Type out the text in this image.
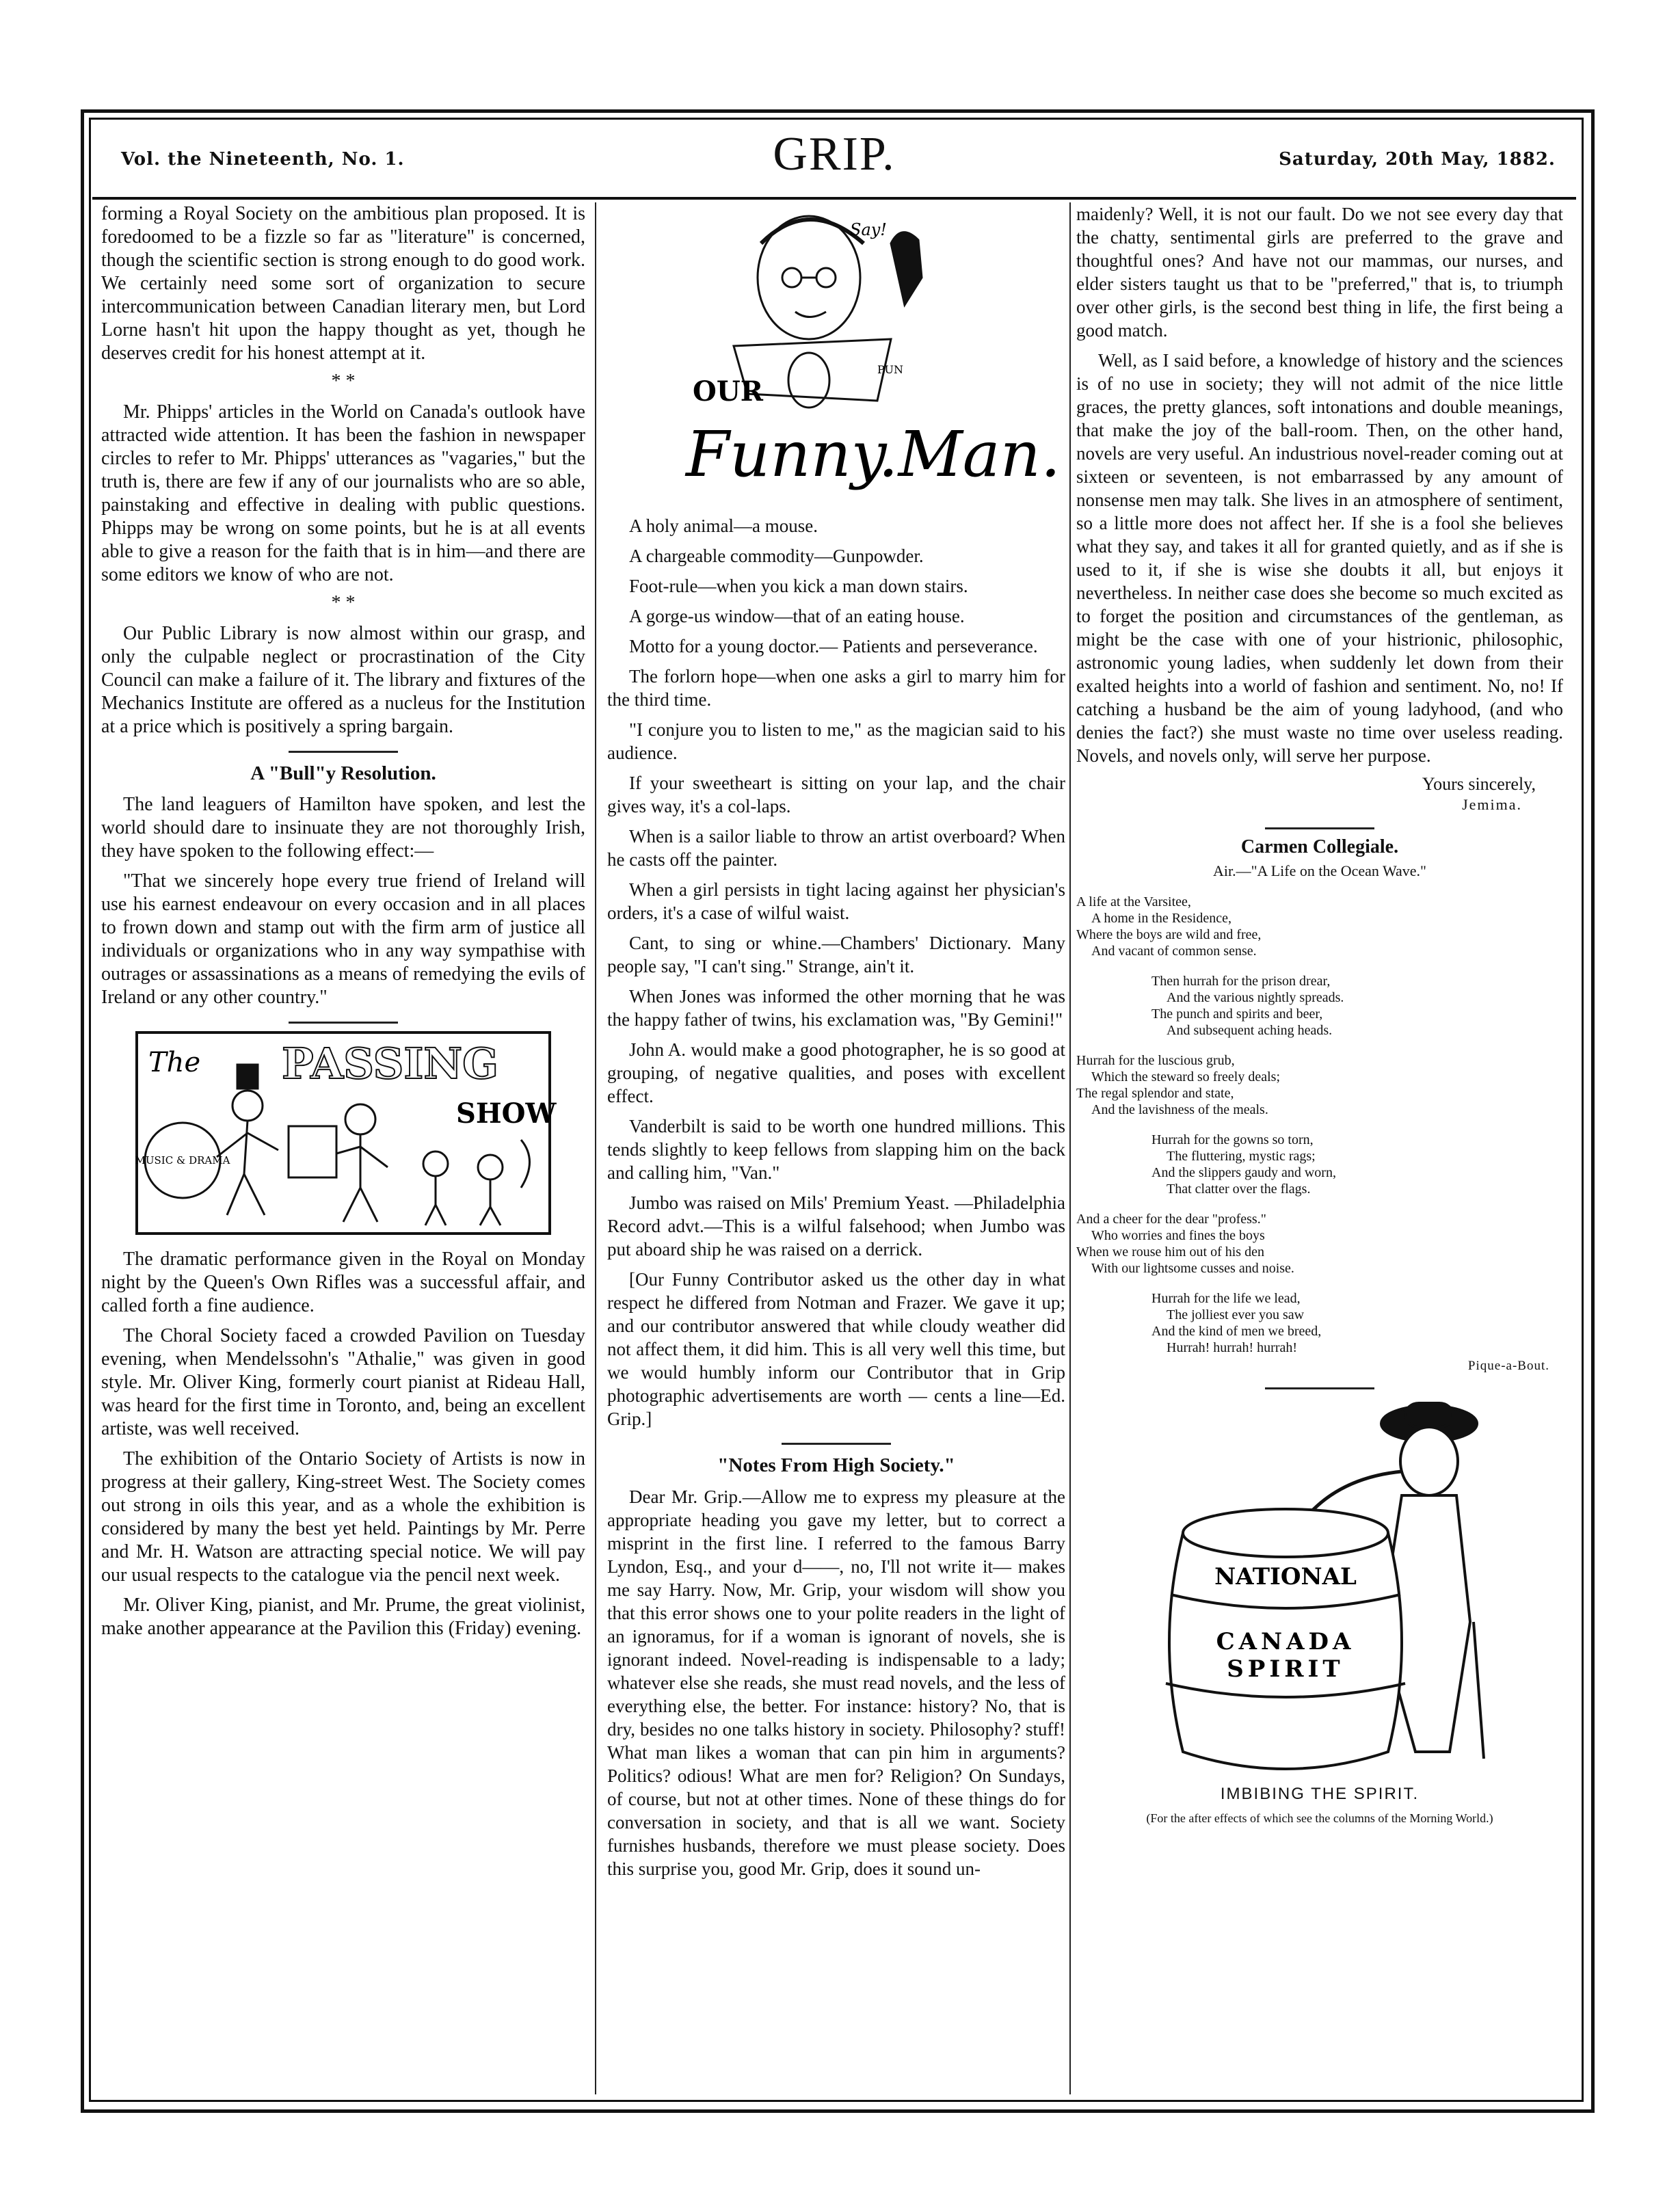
Vol. the Nineteenth, No. 1.	GRIP.	Saturday, 20th May, 1882.

forming a Royal Society on the ambitious plan proposed. It is foredoomed to be a fizzle so far as "literature" is concerned, though the scientific section is strong enough to do good work. We certainly need some sort of organization to secure intercommunication between Canadian literary men, but Lord Lorne hasn't hit upon the happy thought as yet, though he deserves credit for his honest attempt at it.

* *

Mr. Phipps' articles in the World on Canada's outlook have attracted wide attention. It has been the fashion in newspaper circles to refer to Mr. Phipps' utterances as "vagaries," but the truth is, there are few if any of our journalists who are so able, painstaking and effective in dealing with public questions. Phipps may be wrong on some points, but he is at all events able to give a reason for the faith that is in him—and there are some editors we know of who are not.

* *

Our Public Library is now almost within our grasp, and only the culpable neglect or procrastination of the City Council can make a failure of it. The library and fixtures of the Mechanics Institute are offered as a nucleus for the Institution at a price which is positively a spring bargain.

A "Bull"y Resolution.

The land leaguers of Hamilton have spoken, and lest the world should dare to insinuate they are not thoroughly Irish, they have spoken to the following effect:—

"That we sincerely hope every true friend of Ireland will use his earnest endeavour on every occasion and in all places to frown down and stamp out with the firm arm of justice all individuals or organizations who in any way sympathise with outrages or assassinations as a means of remedying the evils of Ireland or any other country."

The PASSING
SHOW
MUSIC & DRAMA

The dramatic performance given in the Royal on Monday night by the Queen's Own Rifles was a successful affair, and called forth a fine audience.

The Choral Society faced a crowded Pavilion on Tuesday evening, when Mendelssohn's "Athalie," was given in good style. Mr. Oliver King, formerly court pianist at Rideau Hall, was heard for the first time in Toronto, and, being an excellent artiste, was well received.

The exhibition of the Ontario Society of Artists is now in progress at their gallery, King-street West. The Society comes out strong in oils this year, and as a whole the exhibition is considered by many the best yet held. Paintings by Mr. Perre and Mr. H. Watson are attracting special notice. We will pay our usual respects to the catalogue via the pencil next week.

Mr. Oliver King, pianist, and Mr. Prume, the great violinist, make another appearance at the Pavilion this (Friday) evening.

Say!
PUN
OUR
Funny.Man.

A holy animal—a mouse.

A chargeable commodity—Gunpowder.

Foot-rule—when you kick a man down stairs.

A gorge-us window—that of an eating house.

Motto for a young doctor.— Patients and perseverance.

The forlorn hope—when one asks a girl to marry him for the third time.

"I conjure you to listen to me," as the magician said to his audience.

If your sweetheart is sitting on your lap, and the chair gives way, it's a col-laps.

When is a sailor liable to throw an artist overboard? When he casts off the painter.

When a girl persists in tight lacing against her physician's orders, it's a case of wilful waist.

Cant, to sing or whine.—Chambers' Dictionary. Many people say, "I can't sing." Strange, ain't it.

When Jones was informed the other morning that he was the happy father of twins, his exclamation was, "By Gemini!"

John A. would make a good photographer, he is so good at grouping, of negative qualities, and poses with excellent effect.

Vanderbilt is said to be worth one hundred millions. This tends slightly to keep fellows from slapping him on the back and calling him, "Van."

Jumbo was raised on Mils' Premium Yeast. —Philadelphia Record advt.—This is a wilful falsehood; when Jumbo was put aboard ship he was raised on a derrick.

[Our Funny Contributor asked us the other day in what respect he differed from Notman and Frazer. We gave it up; and our contributor answered that while cloudy weather did not affect them, it did him. This is all very well this time, but we would humbly inform our Contributor that in Grip photographic advertisements are worth — cents a line—Ed. Grip.]

"Notes From High Society."

Dear Mr. Grip.—Allow me to express my pleasure at the appropriate heading you gave my letter, but to correct a misprint in the first line. I referred to the famous Barry Lyndon, Esq., and your d——, no, I'll not write it— makes me say Harry. Now, Mr. Grip, your wisdom will show you that this error shows one to your polite readers in the light of an ignoramus, for if a woman is ignorant of novels, she is ignorant indeed. Novel-reading is indispensable to a lady; whatever else she reads, she must read novels, and the less of everything else, the better. For instance: history? No, that is dry, besides no one talks history in society. Philosophy? stuff! What man likes a woman that can pin him in arguments? Politics? odious! What are men for? Religion? On Sundays, of course, but not at other times. None of these things do for conversation in society, and that is all we want. Society furnishes husbands, therefore we must please society. Does this surprise you, good Mr. Grip, does it sound un-

maidenly? Well, it is not our fault. Do we not see every day that the chatty, sentimental girls are preferred to the grave and thoughtful ones? And have not our mammas, our nurses, and elder sisters taught us that to be "preferred," that is, to triumph over other girls, is the second best thing in life, the first being a good match.

Well, as I said before, a knowledge of history and the sciences is of no use in society; they will not admit of the nice little graces, the pretty glances, soft intonations and double meanings, that make the joy of the ball-room. Then, on the other hand, novels are very useful. An industrious novel-reader coming out at sixteen or seventeen, is not embarrassed by any amount of nonsense men may talk. She lives in an atmosphere of sentiment, so a little more does not affect her. If she is a fool she believes what they say, and takes it all for granted quietly, and as if she is used to it, if she is wise she doubts it all, but enjoys it nevertheless. In neither case does she become so much excited as to forget the position and circumstances of the gentleman, as might be the case with one of your histrionic, philosophic, astronomic young ladies, when suddenly let down from their exalted heights into a world of fashion and sentiment. No, no! If catching a husband be the aim of young ladyhood, (and who denies the fact?) she must waste no time over useless reading. Novels, and novels only, will serve her purpose.

Yours sincerely,
Jemima.
Carmen Collegiale.
Air.—"A Life on the Ocean Wave."
A life at the Varsitee,
A home in the Residence,
Where the boys are wild and free,
And vacant of common sense.
Then hurrah for the prison drear,
And the various nightly spreads.
The punch and spirits and beer,
And subsequent aching heads.
Hurrah for the luscious grub,
Which the steward so freely deals;
The regal splendor and state,
And the lavishness of the meals.
Hurrah for the gowns so torn,
The fluttering, mystic rags;
And the slippers gaudy and worn,
That clatter over the flags.
And a cheer for the dear "profess."
Who worries and fines the boys
When we rouse him out of his den
With our lightsome cusses and noise.
Hurrah for the life we lead,
The jolliest ever you saw
And the kind of men we breed,
Hurrah! hurrah! hurrah!
Pique-a-Bout.
NATIONAL
CANADA
SPIRIT
IMBIBING THE SPIRIT.

(For the after effects of which see the columns of the Morning World.)
